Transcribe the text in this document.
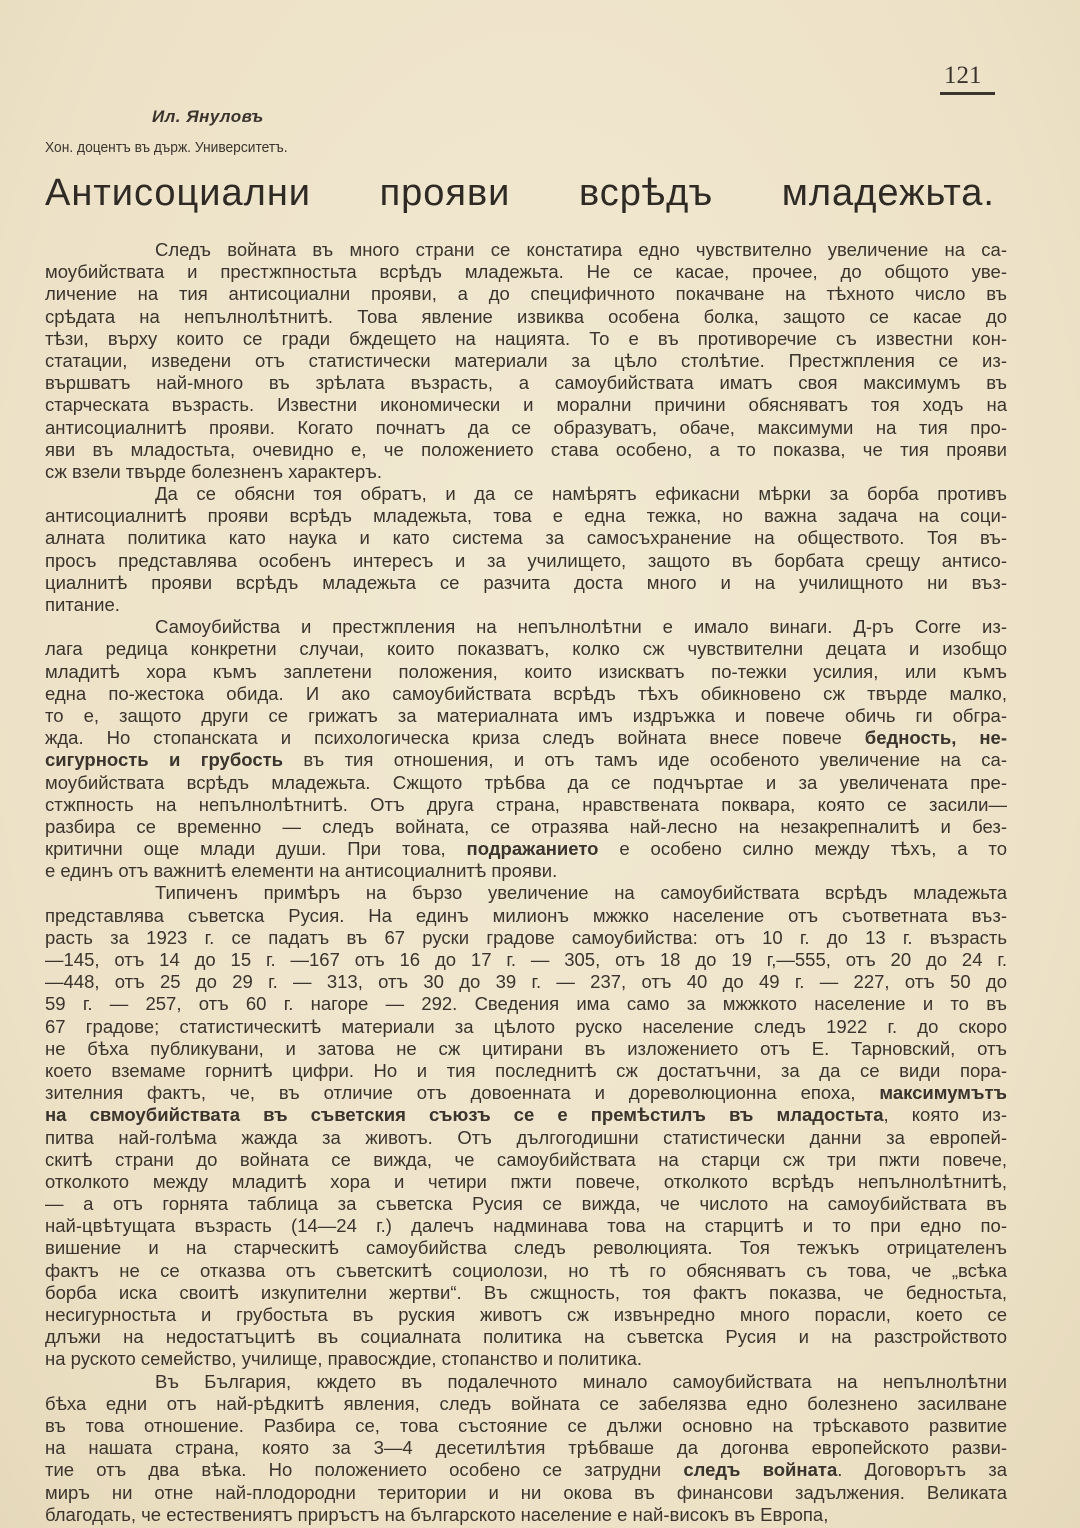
121
Ил. Януловъ
Хон. доцентъ въ държ. Университетъ.
Антисоциални прояви всрѣдъ младежьта.
Следъ войната въ много страни се констатира едно чувствително увеличение на са-
моубийствата и престжпностьта всрѣдъ младежьта. Не се касае, прочее, до общото уве-
личение на тия антисоциални прояви, а до специфичното покачване на тѣхното число въ
срѣдата на непълнолѣтнитѣ. Това явление извиква особена болка, защото се касае до
тѣзи, върху които се гради бждещето на нацията. То е въ противоречие съ известни кон-
статации, изведени отъ статистически материали за цѣло столѣтие. Престжпления се из-
вършватъ най-много въ зрѣлата възрасть, а самоубийствата иматъ своя максимумъ въ
старческата възрасть. Известни икономически и морални причини обясняватъ тоя ходъ на
антисоциалнитѣ прояви. Когато почнатъ да се образуватъ, обаче, максимуми на тия про-
яви въ младостьта, очевидно е, че положението става особено, а то показва, че тия прояви
сж взели твърде болезненъ характеръ.
Да се обясни тоя обратъ, и да се намѣрятъ ефикасни мѣрки за борба противъ
антисоциалнитѣ прояви всрѣдъ младежьта, това е една тежка, но важна задача на соци-
алната политика като наука и като система за самосъхранение на обществото. Тоя въ-
просъ представлява особенъ интересъ и за училището, защото въ борбата срещу антисо-
циалнитѣ прояви всрѣдъ младежьта се разчита доста много и на училищното ни въз-
питание.
Самоубийства и престжпления на непълнолѣтни е имало винаги. Д-ръ Corre из-
лага редица конкретни случаи, които показватъ, колко сж чувствителни децата и изобщо
младитѣ хора къмъ заплетени положения, които изискватъ по-тежки усилия, или къмъ
една по-жестока обида. И ако самоубийствата всрѣдъ тѣхъ обикновено сж твърде малко,
то е, защото други се грижатъ за материалната имъ издръжка и повече обичь ги обгра-
жда. Но стопанската и психологическа криза следъ войната внесе повече бедность, не-
сигурность и грубость въ тия отношения, и отъ тамъ иде особеното увеличение на са-
моубийствата всрѣдъ младежьта. Сжщото трѣбва да се подчъртае и за увеличената пре-
стжпность на непълнолѣтнитѣ. Отъ друга страна, нравствената поквара, която се засили—
разбира се временно — следъ войната, се отразява най-лесно на незакрепналитѣ и без-
критични още млади души. При това, подражанието е особено силно между тѣхъ, а то
е единъ отъ важнитѣ елементи на антисоциалнитѣ прояви.
Типиченъ примѣръ на бързо увеличение на самоубийствата всрѣдъ младежьта
представлява съветска Русия. На единъ милионъ мжжко население отъ съответната въз-
расть за 1923 г. се падатъ въ 67 руски градове самоубийства: отъ 10 г. до 13 г. възрасть
—145, отъ 14 до 15 г. —167 отъ 16 до 17 г. — 305, отъ 18 до 19 г,—555, отъ 20 до 24 г.
—448, отъ 25 до 29 г. — 313, отъ 30 до 39 г. — 237, отъ 40 до 49 г. — 227, отъ 50 до
59 г. — 257, отъ 60 г. нагоре — 292. Сведения има само за мжжкото население и то въ
67 градове; статистическитѣ материали за цѣлото руско население следъ 1922 г. до скоро
не бѣха публикувани, и затова не сж цитирани въ изложението отъ Е. Тарновский, отъ
което вземаме горнитѣ цифри. Но и тия последнитѣ сж достатъчни, за да се види пора-
зителния фактъ, че, въ отличие отъ довоенната и дореволюционна епоха, максимумътъ
на свмоубийствата въ съветския съюзъ се е премѣстилъ въ младостьта, която из-
питва най-голѣма жажда за животъ. Отъ дългогодишни статистически данни за европей-
скитѣ страни до войната се вижда, че самоубийствата на старци сж три пжти повече,
отколкото между младитѣ хора и четири пжти повече, отколкото всрѣдъ непълнолѣтнитѣ,
— а отъ горнята таблица за съветска Русия се вижда, че числото на самоубийствата въ
най-цвѣтущата възрасть (14—24 г.) далечъ надминава това на старцитѣ и то при едно по-
вишение и на старческитѣ самоубийства следъ революцията. Тоя тежъкъ отрицателенъ
фактъ не се отказва отъ съветскитѣ социолози, но тѣ го обясняватъ съ това, че „всѣка
борба иска своитѣ изкупителни жертви“. Въ сжщность, тоя фактъ показва, че бедностьта,
несигурностьта и грубостьта въ руския животъ сж извънредно много порасли, което се
длъжи на недостатъцитѣ въ социалната политика на съветска Русия и на разстройството
на руското семейство, училище, правосждие, стопанство и политика.
Въ България, кждето въ подалечното минало самоубийствата на непълнолѣтни
бѣха едни отъ най-рѣдкитѣ явления, следъ войната се забелязва едно болезнено засилване
въ това отношение. Разбира се, това състояние се дължи основно на трѣскавото развитие
на нашата страна, която за 3—4 десетилѣтия трѣбваше да догонва европейското разви-
тие отъ два вѣка. Но положението особено се затрудни следъ войната. Договорътъ за
миръ ни отне най-плодородни територии и ни окова въ финансови задължения. Великата
благодать, че естествениятъ приръстъ на българското население е най-високъ въ Европа,
